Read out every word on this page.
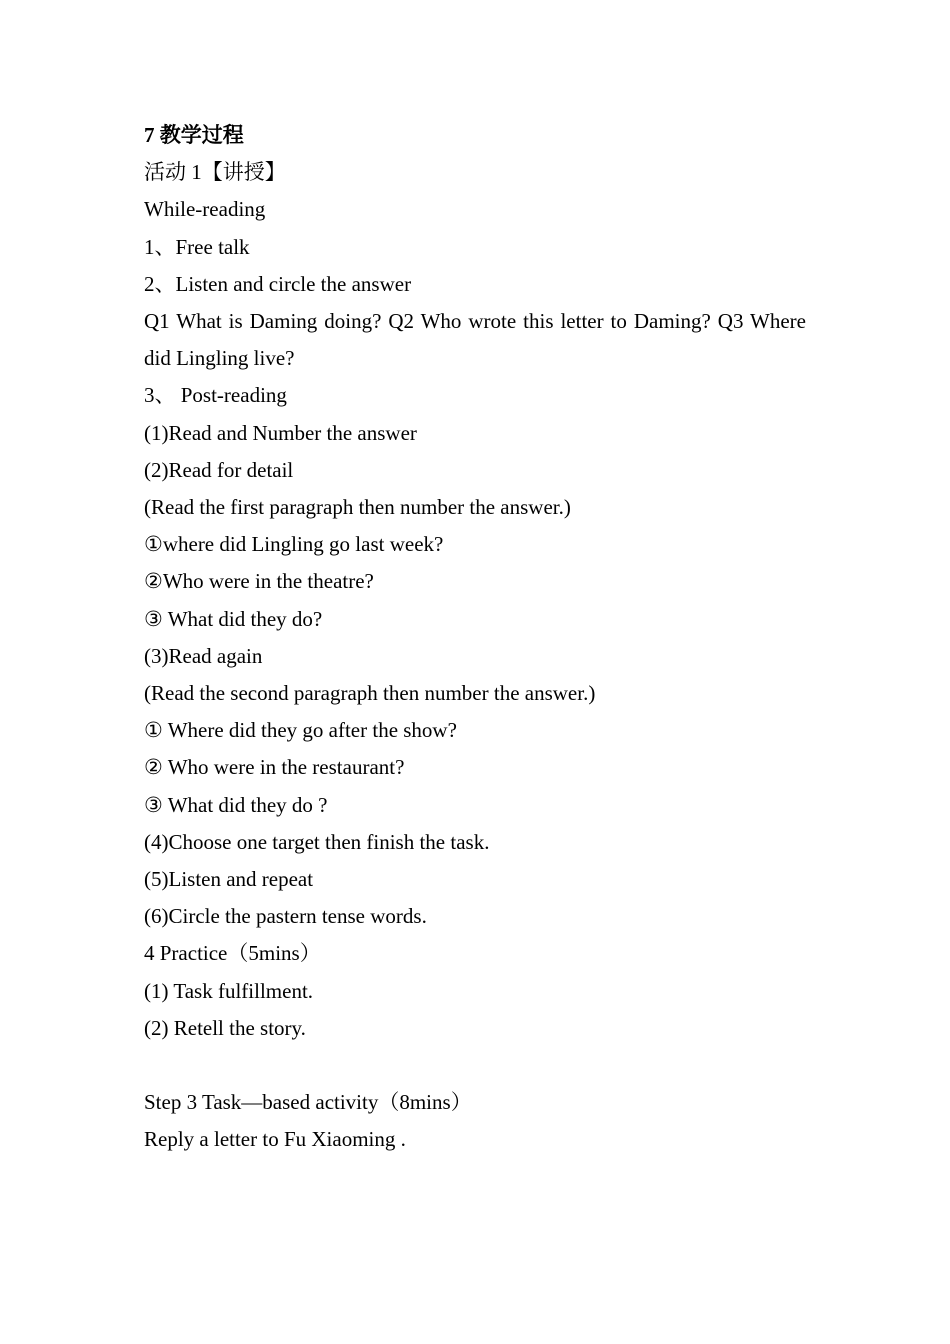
7 教学过程

活动 1【讲授】

While-reading

1、Free talk

2、Listen and circle the answer

Q1 What is Daming doing? Q2 Who wrote this letter to Daming? Q3 Where did Lingling live?

3、 Post-reading

(1)Read and Number the answer

(2)Read for detail

(Read the first paragraph then number the answer.)

①where did Lingling go last week?

②Who were in the theatre?

③ What did they do?

(3)Read again

(Read the second paragraph then number the answer.)

① Where did they go after the show?

② Who were in the restaurant?

③ What did they do ?

(4)Choose one target then finish the task.

(5)Listen and repeat

(6)Circle the pastern tense words.

4 Practice（5mins）

(1) Task fulfillment.

(2) Retell the story.

Step 3 Task—based activity（8mins）

Reply a letter to Fu Xiaoming .
